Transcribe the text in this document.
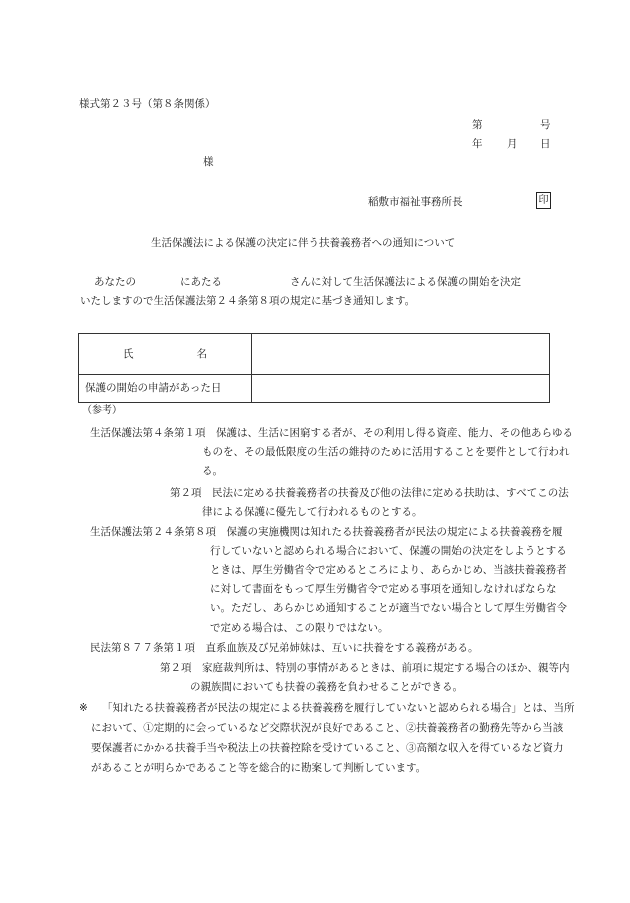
様式第２３号（第８条関係）
第	号
年 月 日
様
稲敷市福祉事務所長	印
生活保護法による保護の決定に伴う扶養義務者への通知について
あなたの	にあたる	さんに対して生活保護法による保護の開始を決定
いたしますので生活保護法第２４条第８項の規定に基づき通知します。
氏 名	

保護の開始の申請があった日	
（参考）
生活保護法第４条第１項　保護は、生活に困窮する者が、その利用し得る資産、能力、その他あらゆる
ものを、その最低限度の生活の維持のために活用することを要件として行われ
る。
第２項　民法に定める扶養義務者の扶養及び他の法律に定める扶助は、すべてこの法
律による保護に優先して行われるものとする。
生活保護法第２４条第８項　保護の実施機関は知れたる扶養義務者が民法の規定による扶養義務を履
行していないと認められる場合において、保護の開始の決定をしようとする
ときは、厚生労働省令で定めるところにより、あらかじめ、当該扶養義務者
に対して書面をもって厚生労働省令で定める事項を通知しなければならな
い。ただし、あらかじめ通知することが適当でない場合として厚生労働省令
で定める場合は、この限りではない。
民法第８７７条第１項　直系血族及び兄弟姉妹は、互いに扶養をする義務がある。
第２項　家庭裁判所は、特別の事情があるときは、前項に規定する場合のほか、親等内
の親族間においても扶養の義務を負わせることができる。
※ 「知れたる扶養義務者が民法の規定による扶養義務を履行していないと認められる場合」とは、当所
において、①定期的に会っているなど交際状況が良好であること、②扶養義務者の勤務先等から当該
要保護者にかかる扶養手当や税法上の扶養控除を受けていること、③高額な収入を得ているなど資力
があることが明らかであること等を総合的に勘案して判断しています。
